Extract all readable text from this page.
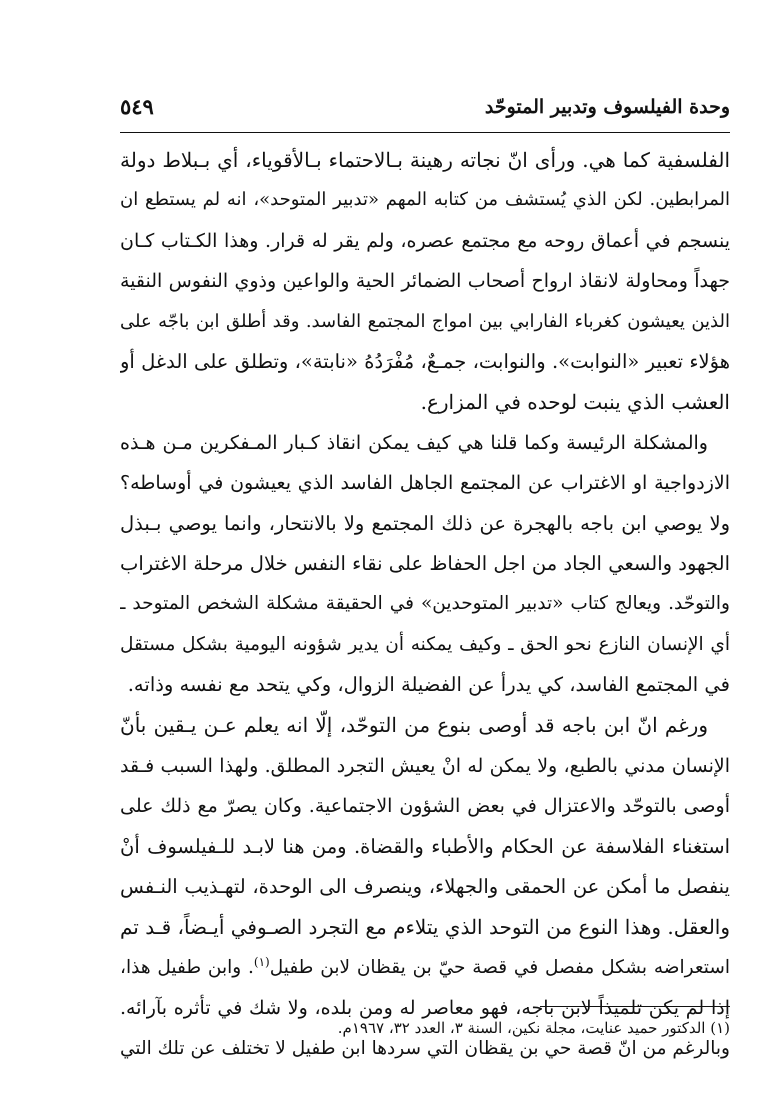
وحدة الفيلسوف وتدبير المتوحّد
٥٤٩
الفلسفية كما هي. ورأى انّ نجاته رهينة بـالاحتماء بـالأقوياء، أي بـبلاط دولة
المرابطين. لكن الذي يُستشف من كتابه المهم «تدبير المتوحد»، انه لم يستطع ان
ينسجم في أعماق روحه مع مجتمع عصره، ولم يقر له قرار. وهذا الكـتاب كـان
جهداً ومحاولة لانقاذ ارواح أصحاب الضمائر الحية والواعين وذوي النفوس النقية
الذين يعيشون كغرباء الفارابي بين امواج المجتمع الفاسد. وقد أطلق ابن باجّه على
هؤلاء تعبير «النوابت». والنوابت، جمـعٌ، مُفْرَدُهُ «نابتة»، وتطلق على الدغل أو
العشب الذي ينبت لوحده في المزارع.
والمشكلة الرئيسة وكما قلنا هي كيف يمكن انقاذ كـبار المـفكرين مـن هـذه
الازدواجية او الاغتراب عن المجتمع الجاهل الفاسد الذي يعيشون في أوساطه؟
ولا يوصي ابن باجه بالهجرة عن ذلك المجتمع ولا بالانتحار، وانما يوصي بـبذل
الجهود والسعي الجاد من اجل الحفاظ على نقاء النفس خلال مرحلة الاغتراب
والتوحّد. ويعالج كتاب «تدبير المتوحدين» في الحقيقة مشكلة الشخص المتوحد ـ
أي الإنسان النازع نحو الحق ـ وكيف يمكنه أن يدير شؤونه اليومية بشكل مستقل
في المجتمع الفاسد، كي يدرأ عن الفضيلة الزوال، وكي يتحد مع نفسه وذاته.
ورغم انّ ابن باجه قد أوصى بنوع من التوحّد، إلّا انه يعلم عـن يـقين بأنّ
الإنسان مدني بالطبع، ولا يمكن له انْ يعيش التجرد المطلق. ولهذا السبب فـقد
أوصى بالتوحّد والاعتزال في بعض الشؤون الاجتماعية. وكان يصرّ مع ذلك على
استغناء الفلاسفة عن الحكام والأطباء والقضاة. ومن هنا لابـد للـفيلسوف أنْ
ينفصل ما أمكن عن الحمقى والجهلاء، وينصرف الى الوحدة، لتهـذيب النـفس
والعقل. وهذا النوع من التوحد الذي يتلاءم مع التجرد الصـوفي أيـضاً، قـد تم
استعراضه بشكل مفصل في قصة حيّ بن يقظان لابن طفيل$^{(١)}$. وابن طفيل هذا،
إذا لم يكن تلميذاً لابن باجه، فهو معاصر له ومن بلده، ولا شك في تأثره بآرائه.
وبالرغم من انّ قصة حي بن يقظان التي سردها ابن طفيل لا تختلف عن تلك التي
(١) الدكتور حميد عنايت، مجلة نكين، السنة ٣، العدد ٣٢، ١٩٦٧م.
